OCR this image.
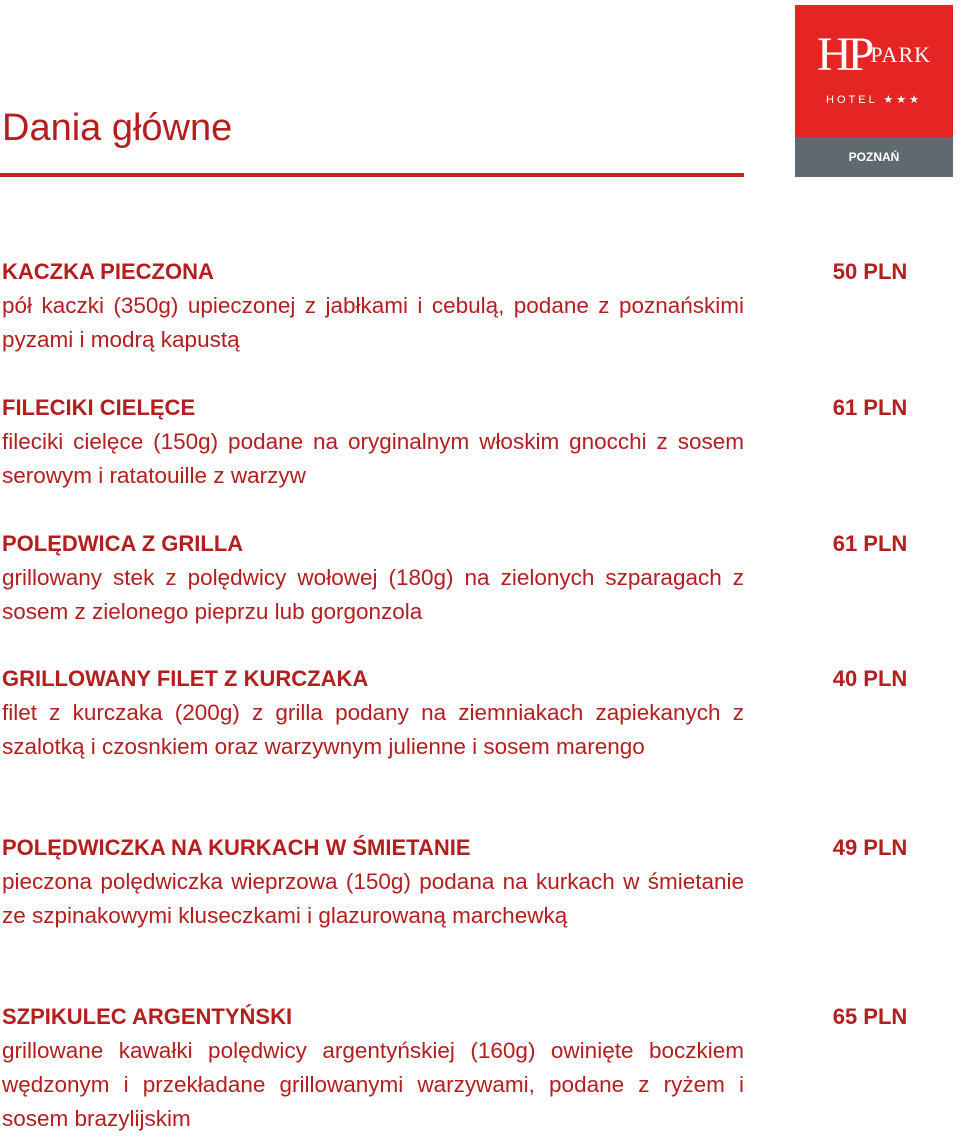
HPPARK
HOTEL ★★★
POZNAŃ
Dania główne
KACZKA PIECZONA
pół kaczki (350g) upieczonej z jabłkami i cebulą, podane z poznańskimi pyzami i modrą kapustą
50 PLN
FILECIKI CIELĘCE
fileciki cielęce (150g) podane na oryginalnym włoskim gnocchi z sosem serowym i ratatouille z warzyw
61 PLN
POLĘDWICA Z GRILLA
grillowany stek z polędwicy wołowej (180g) na zielonych szparagach z sosem z zielonego pieprzu lub gorgonzola
61 PLN
GRILLOWANY FILET Z KURCZAKA
filet z kurczaka (200g) z grilla podany na ziemniakach zapiekanych z szalotką i czosnkiem oraz warzywnym julienne i sosem marengo
40 PLN
POLĘDWICZKA NA KURKACH W ŚMIETANIE
pieczona polędwiczka wieprzowa (150g) podana na kurkach w śmietanie ze szpinakowymi kluseczkami i glazurowaną marchewką
49 PLN
SZPIKULEC ARGENTYŃSKI
grillowane kawałki polędwicy argentyńskiej (160g) owinięte boczkiem wędzonym i przekładane grillowanymi warzywami, podane z ryżem i sosem brazylijskim
65 PLN
